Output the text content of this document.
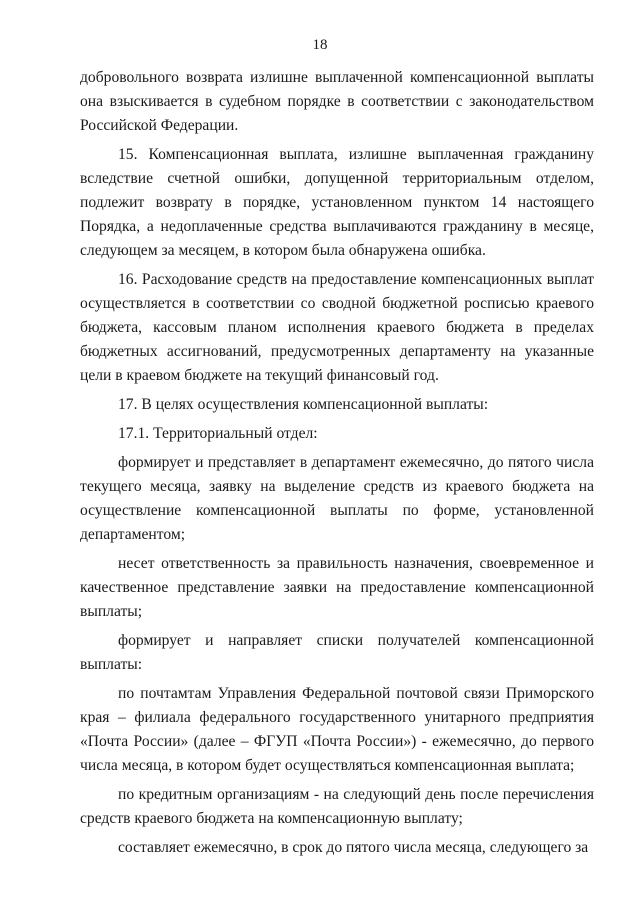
18

добровольного возврата излишне выплаченной компенсационной выплаты она взыскивается в судебном порядке в соответствии с законодательством Российской Федерации.

15. Компенсационная выплата, излишне выплаченная гражданину вследствие счетной ошибки, допущенной территориальным отделом, подлежит возврату в порядке, установленном пунктом 14 настоящего Порядка, а недоплаченные средства выплачиваются гражданину в месяце, следующем за месяцем, в котором была обнаружена ошибка.

16. Расходование средств на предоставление компенсационных выплат осуществляется в соответствии со сводной бюджетной росписью краевого бюджета, кассовым планом исполнения краевого бюджета в пределах бюджетных ассигнований, предусмотренных департаменту на указанные цели в краевом бюджете на текущий финансовый год.

17. В целях осуществления компенсационной выплаты:

17.1. Территориальный отдел:

формирует и представляет в департамент ежемесячно, до пятого числа текущего месяца, заявку на выделение средств из краевого бюджета на осуществление компенсационной выплаты по форме, установленной департаментом;

несет ответственность за правильность назначения, своевременное и качественное представление заявки на предоставление компенсационной выплаты;

формирует и направляет списки получателей компенсационной выплаты:

по почтамтам Управления Федеральной почтовой связи Приморского края – филиала федерального государственного унитарного предприятия «Почта России» (далее – ФГУП «Почта России») - ежемесячно, до первого числа месяца, в котором будет осуществляться компенсационная выплата;

по кредитным организациям - на следующий день после перечисления средств краевого бюджета на компенсационную выплату;

составляет ежемесячно, в срок до пятого числа месяца, следующего за
